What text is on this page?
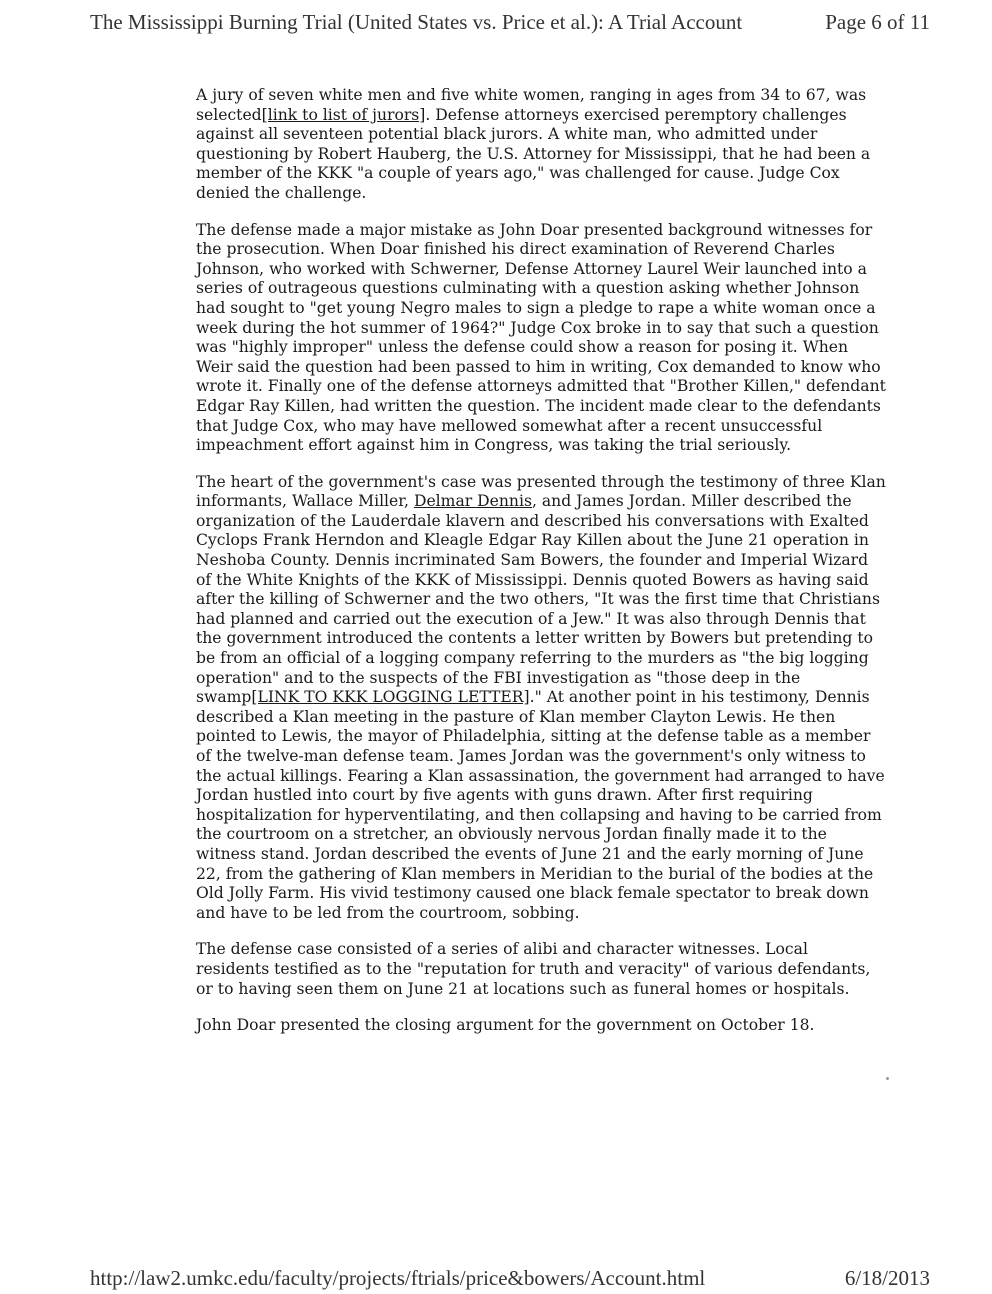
The Mississippi Burning Trial (United States vs. Price et al.): A Trial Account	Page 6 of 11

A jury of seven white men and five white women, ranging in ages from 34 to 67, was selected[link to list of jurors]. Defense attorneys exercised peremptory challenges against all seventeen potential black jurors. A white man, who admitted under questioning by Robert Hauberg, the U.S. Attorney for Mississippi, that he had been a member of the KKK "a couple of years ago," was challenged for cause. Judge Cox denied the challenge.

The defense made a major mistake as John Doar presented background witnesses for the prosecution. When Doar finished his direct examination of Reverend Charles Johnson, who worked with Schwerner, Defense Attorney Laurel Weir launched into a series of outrageous questions culminating with a question asking whether Johnson had sought to "get young Negro males to sign a pledge to rape a white woman once a week during the hot summer of 1964?" Judge Cox broke in to say that such a question was "highly improper" unless the defense could show a reason for posing it. When Weir said the question had been passed to him in writing, Cox demanded to know who wrote it. Finally one of the defense attorneys admitted that "Brother Killen," defendant Edgar Ray Killen, had written the question. The incident made clear to the defendants that Judge Cox, who may have mellowed somewhat after a recent unsuccessful impeachment effort against him in Congress, was taking the trial seriously.

The heart of the government's case was presented through the testimony of three Klan informants, Wallace Miller, Delmar Dennis, and James Jordan. Miller described the organization of the Lauderdale klavern and described his conversations with Exalted Cyclops Frank Herndon and Kleagle Edgar Ray Killen about the June 21 operation in Neshoba County. Dennis incriminated Sam Bowers, the founder and Imperial Wizard of the White Knights of the KKK of Mississippi. Dennis quoted Bowers as having said after the killing of Schwerner and the two others, "It was the first time that Christians had planned and carried out the execution of a Jew." It was also through Dennis that the government introduced the contents a letter written by Bowers but pretending to be from an official of a logging company referring to the murders as "the big logging operation" and to the suspects of the FBI investigation as "those deep in the swamp[LINK TO KKK LOGGING LETTER]." At another point in his testimony, Dennis described a Klan meeting in the pasture of Klan member Clayton Lewis. He then pointed to Lewis, the mayor of Philadelphia, sitting at the defense table as a member of the twelve-man defense team. James Jordan was the government's only witness to the actual killings. Fearing a Klan assassination, the government had arranged to have Jordan hustled into court by five agents with guns drawn. After first requiring hospitalization for hyperventilating, and then collapsing and having to be carried from the courtroom on a stretcher, an obviously nervous Jordan finally made it to the witness stand. Jordan described the events of June 21 and the early morning of June 22, from the gathering of Klan members in Meridian to the burial of the bodies at the Old Jolly Farm. His vivid testimony caused one black female spectator to break down and have to be led from the courtroom, sobbing.

The defense case consisted of a series of alibi and character witnesses. Local residents testified as to the "reputation for truth and veracity" of various defendants, or to having seen them on June 21 at locations such as funeral homes or hospitals.

John Doar presented the closing argument for the government on October 18.

http://law2.umkc.edu/faculty/projects/ftrials/price&bowers/Account.html	6/18/2013
